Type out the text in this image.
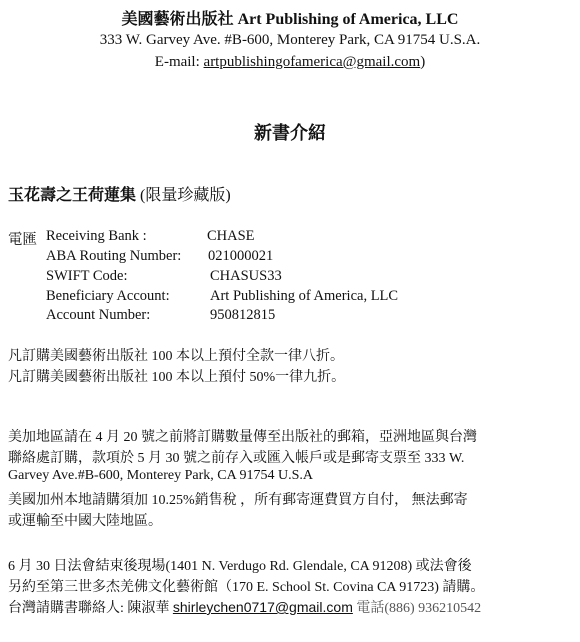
美國藝術出版社 Art Publishing of America, LLC
333 W. Garvey Ave. #B-600, Monterey Park, CA 91754 U.S.A.
E-mail: artpublishingofamerica@gmail.com)
新書介紹
玉花壽之王荷蓮集 (限量珍藏版)
電匯 Receiving Bank :	CHASE
ABA Routing Number: 021000021
SWIFT Code:	CHASUS33
Beneficiary Account:	Art Publishing of America, LLC
Account Number:	950812815
凡訂購美國藝術出版社 100 本以上預付全款一律八折。
凡訂購美國藝術出版社 100 本以上預付 50%一律九折。
美加地區請在 4 月 20 號之前將訂購數量傳至出版社的郵箱，亞洲地區與台灣
聯絡處訂購，款項於 5 月 30 號之前存入或匯入帳戶或是郵寄支票至 333 W.
Garvey Ave.#B-600, Monterey Park, CA 91754 U.S.A
美國加州本地請購須加 10.25%銷售稅 ，所有郵寄運費買方自付， 無法郵寄
或運輸至中國大陸地區。
6 月 30 日法會結束後現場(1401 N. Verdugo Rd. Glendale, CA 91208) 或法會後
另約至第三世多杰羌佛文化藝術館（170 E. School St. Covina CA 91723) 請購。
台灣請購書聯絡人: 陳淑華 shirleychen0717@gmail.com 電話(886) 936210542
